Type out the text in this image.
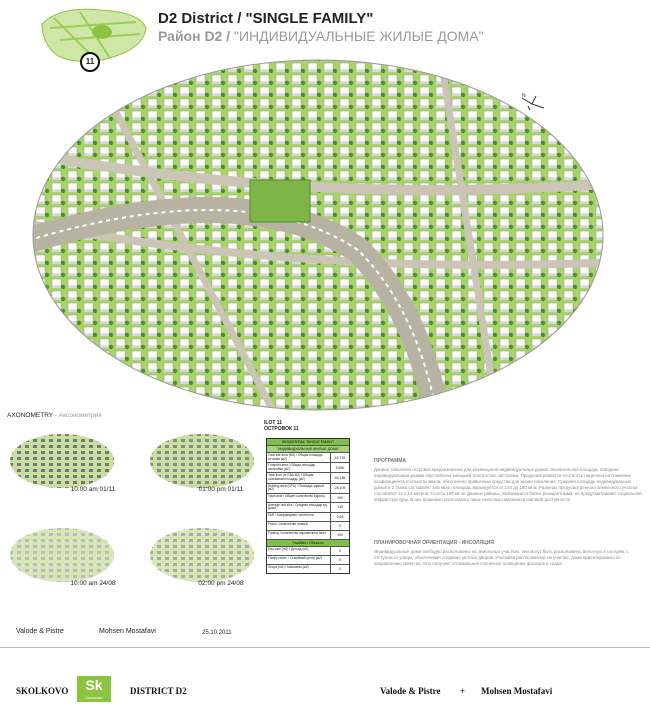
11
D2 District / "SINGLE FAMILY"
Район D2 / "ИНДИВИДУАЛЬНЫЕ ЖИЛЫЕ ДОМА"
N
AXONOMETRY - Аксонометрия
10:00 am 01/11	01:00 pm 01/11
10:00 am 24/08	02:00 pm 24/08
ILOT 11
ОСТРОВОК 11
RESIDENTIAL "SINGLE FAMILY"
"ИНДИВИДУАЛЬНЫЕ ЖИЛЫЕ ДОМА"
Total site area (M2) / Общая площадь острова (м2)	43 739
Footprint area / Общая площадь застройки (м2)	3 650
Total floor (m GBA M2) / Общая поэтажная площадь (м2)	46 185
Building area (GFA) / Площадь зданий (м2)	28 109
Total units / Общее количество единиц	190
Average unit size / Средняя площадь ед. Дома	145
FAR / Коэффициент плотности	0.65
Floors / количество этажей	3
Parking / количество парковочных мест	190
Facilities / Объекты
Day-care (m2) / Детсад (м2)	0
Family center / Семейный центр (м2)	0
Shops (m2) / Магазины (м2)	0
ПРОГРАММА
Данная типология островка предназначена для размещения индивидуальных домов. Значительная площадь отведена индивидуальным домам обусловлена меньшей плотностью застройки. Предусматривается плотность нацелена на снижение коэффициента плотности земли, обеспечено привычные средства для жизни населения. Средняя площадь индивидуальных домов в 3 этажа составляет 145 кв.м., площадь варьируется от 140 до 180 кв.м. Размеры предусмотренного земельного участка составляет 12 х 14 метров, то есть 168 кв. м. Данные районы, являющиеся более резидентными, не предусматривает социальной инфраструктуры. В них возможно располагать лишь несколько магазинов шаговой доступности.
ПЛАНИРОВОЧНАЯ ОРИЕНТАЦИЯ - ИНСОЛЯЦИЯ
Индивидуальные дома свободно расположены на земельных участках: они могут быть расположены вплотную к соседям, с отступом от улицы, обеспечивая создание уютных дворов. Учитывая расположение на участке, дома ориентированы по направлению север-юг. Оно получает оптимальное солнечное освещение фасадов и садов.
Valode & Pistre	Mohsen Mostafavi	25.10.2011
SKOLKOVO	Sk
Сколково
DISTRICT D2	Valode & Pistre + Mohsen Mostafavi
